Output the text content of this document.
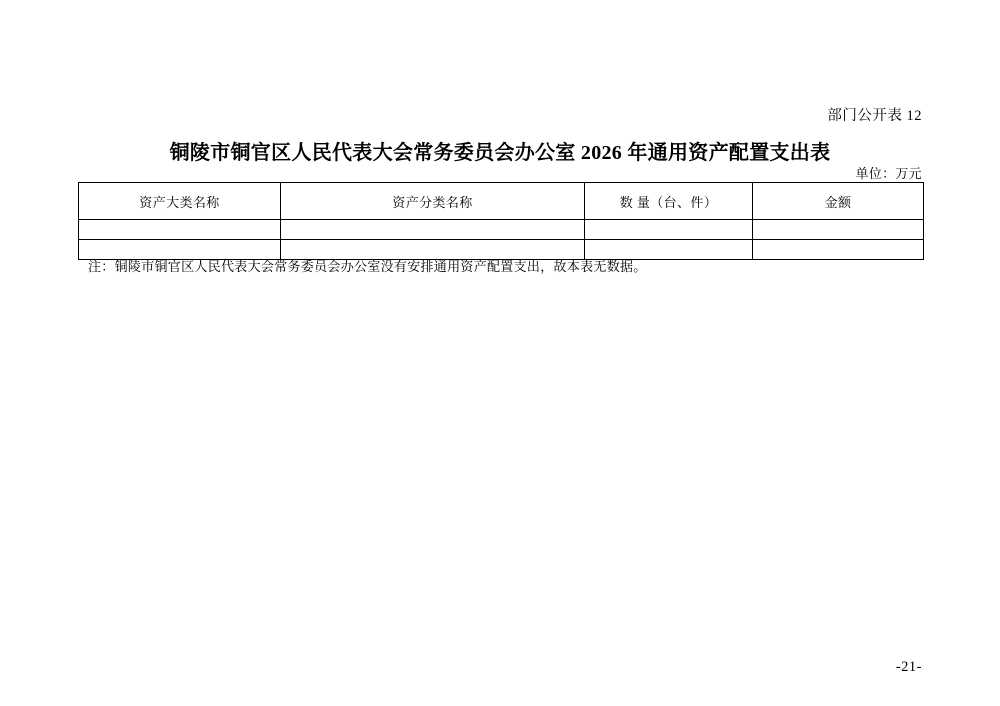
部门公开表 12
铜陵市铜官区人民代表大会常务委员会办公室 2026 年通用资产配置支出表
单位：万元
资产大类名称	资产分类名称	数 量（台、件）	金额

注：铜陵市铜官区人民代表大会常务委员会办公室没有安排通用资产配置支出，故本表无数据。
-21-
